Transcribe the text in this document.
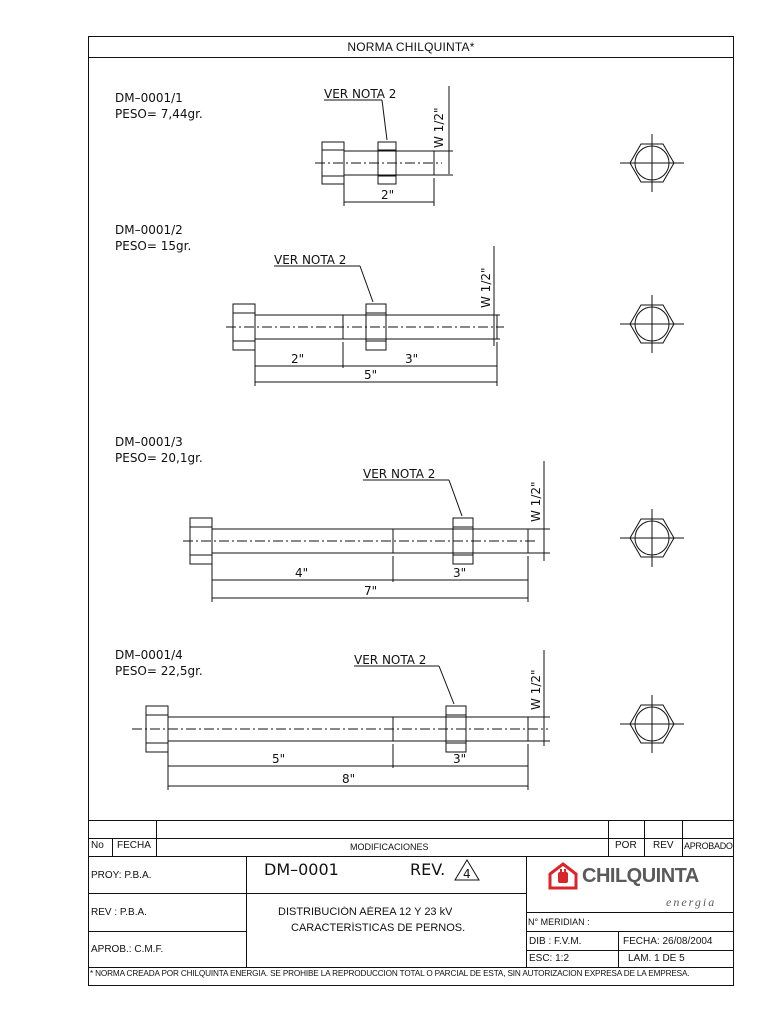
NORMA CHILQUINTA*
DM–0001/1
PESO= 7,44gr.
VER NOTA 2
W 1/2"
2"
DM–0001/2
PESO= 15gr.
VER NOTA 2
W 1/2"
2"	3"
5"
DM–0001/3
PESO= 20,1gr.
VER NOTA 2
W 1/2"
4"	3"
7"
DM–0001/4
PESO= 22,5gr.
VER NOTA 2
W 1/2"
5"	3"
8"
No FECHA	MODIFICACIONES	POR REV APROBADO
PROY: P.B.A.
REV : P.B.A.
APROB.: C.M.F.
DM–0001	REV. 4
DISTRIBUCIÓN AÉREA 12 Y 23 kV
CARACTERÍSTICAS DE PERNOS.
CHILQUINTA
energia
N° MERIDIAN :
DIB : F.V.M.
ESC: 1:2
FECHA: 26/08/2004
LAM. 1 DE 5
* NORMA CREADA POR CHILQUINTA ENERGIA. SE PROHIBE LA REPRODUCCION TOTAL O PARCIAL DE ESTA, SIN AUTORIZACION EXPRESA DE LA EMPRESA.
